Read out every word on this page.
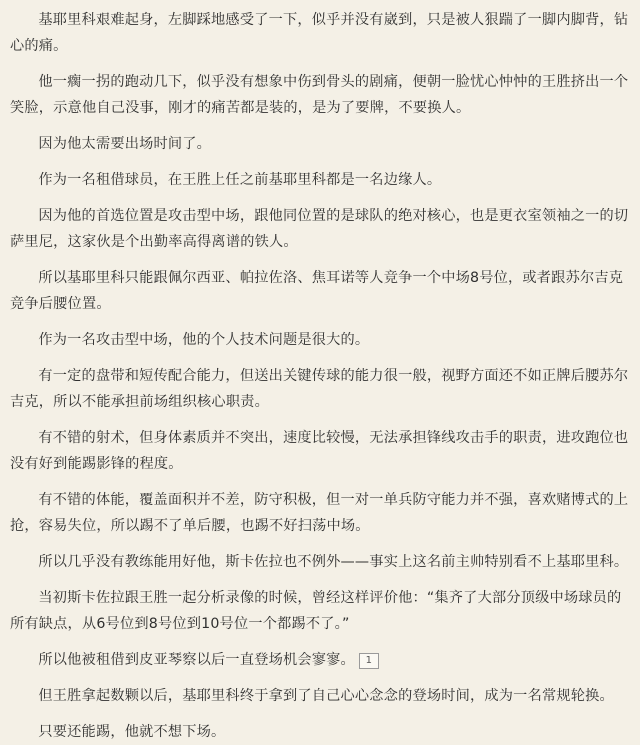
基耶里科艰难起身，左脚踩地感受了一下，似乎并没有崴到，只是被人狠踹了一脚内脚背，钻心的痛。

他一瘸一拐的跑动几下，似乎没有想象中伤到骨头的剧痛，便朝一脸忧心忡忡的王胜挤出一个笑脸，示意他自己没事，刚才的痛苦都是装的，是为了要牌，不要换人。

因为他太需要出场时间了。

作为一名租借球员，在王胜上任之前基耶里科都是一名边缘人。

因为他的首选位置是攻击型中场，跟他同位置的是球队的绝对核心，也是更衣室领袖之一的切萨里尼，这家伙是个出勤率高得离谱的铁人。

所以基耶里科只能跟佩尔西亚、帕拉佐洛、焦耳诺等人竞争一个中场8号位，或者跟苏尔吉克竞争后腰位置。

作为一名攻击型中场，他的个人技术问题是很大的。

有一定的盘带和短传配合能力，但送出关键传球的能力很一般，视野方面还不如正牌后腰苏尔吉克，所以不能承担前场组织核心职责。

有不错的射术，但身体素质并不突出，速度比较慢，无法承担锋线攻击手的职责，进攻跑位也没有好到能踢影锋的程度。

有不错的体能，覆盖面积并不差，防守积极，但一对一单兵防守能力并不强，喜欢赌博式的上抢，容易失位，所以踢不了单后腰，也踢不好扫荡中场。

所以几乎没有教练能用好他，斯卡佐拉也不例外——事实上这名前主帅特别看不上基耶里科。

当初斯卡佐拉跟王胜一起分析录像的时候，曾经这样评价他：“集齐了大部分顶级中场球员的所有缺点，从6号位到8号位到10号位一个都踢不了。”

所以他被租借到皮亚琴察以后一直登场机会寥寥。 1

但王胜拿起数颗以后，基耶里科终于拿到了自己心心念念的登场时间，成为一名常规轮换。

只要还能踢，他就不想下场。
